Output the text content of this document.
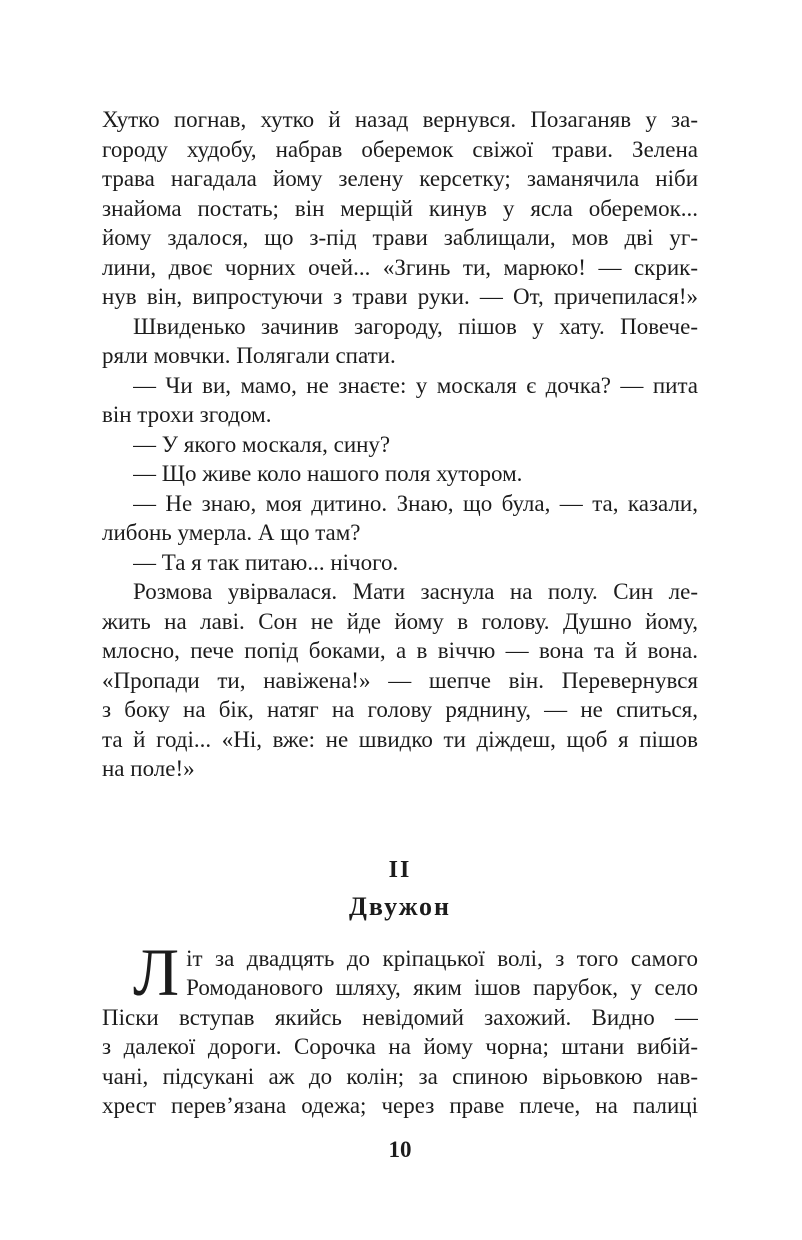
Хутко погнав, хутко й назад вернувся. Позаганяв у за-
городу худобу, набрав оберемок свіжої трави. Зелена
трава нагадала йому зелену керсетку; заманячила ніби
знайома постать; він мерщій кинув у ясла оберемок...
йому здалося, що з-під трави заблищали, мов дві уг-
лини, двоє чорних очей... «Згинь ти, марюко! — скрик-
нув він, випростуючи з трави руки. — От, причепилася!»
Швиденько зачинив загороду, пішов у хату. Повече-
ряли мовчки. Полягали спати.
— Чи ви, мамо, не знаєте: у москаля є дочка? — пита
він трохи згодом.
— У якого москаля, сину?
— Що живе коло нашого поля хутором.
— Не знаю, моя дитино. Знаю, що була, — та, казали,
либонь умерла. А що там?
— Та я так питаю... нічого.
Розмова увірвалася. Мати заснула на полу. Син ле-
жить на лаві. Сон не йде йому в голову. Душно йому,
млосно, пече попід боками, а в віччю — вона та й вона.
«Пропади ти, навіжена!» — шепче він. Перевернувся
з боку на бік, натяг на голову ряднину, — не спиться,
та й годі... «Ні, вже: не швидко ти діждеш, щоб я пішов
на поле!»
II
Двужон
Л іт за двадцять до кріпацької волі, з того самого
Ромоданового шляху, яким ішов парубок, у село
Піски вступав якийсь невідомий захожий. Видно —
з далекої дороги. Сорочка на йому чорна; штани вибій-
чані, підсукані аж до колін; за спиною вірьовкою нав-
хрест перев’язана одежа; через праве плече, на палиці
10
